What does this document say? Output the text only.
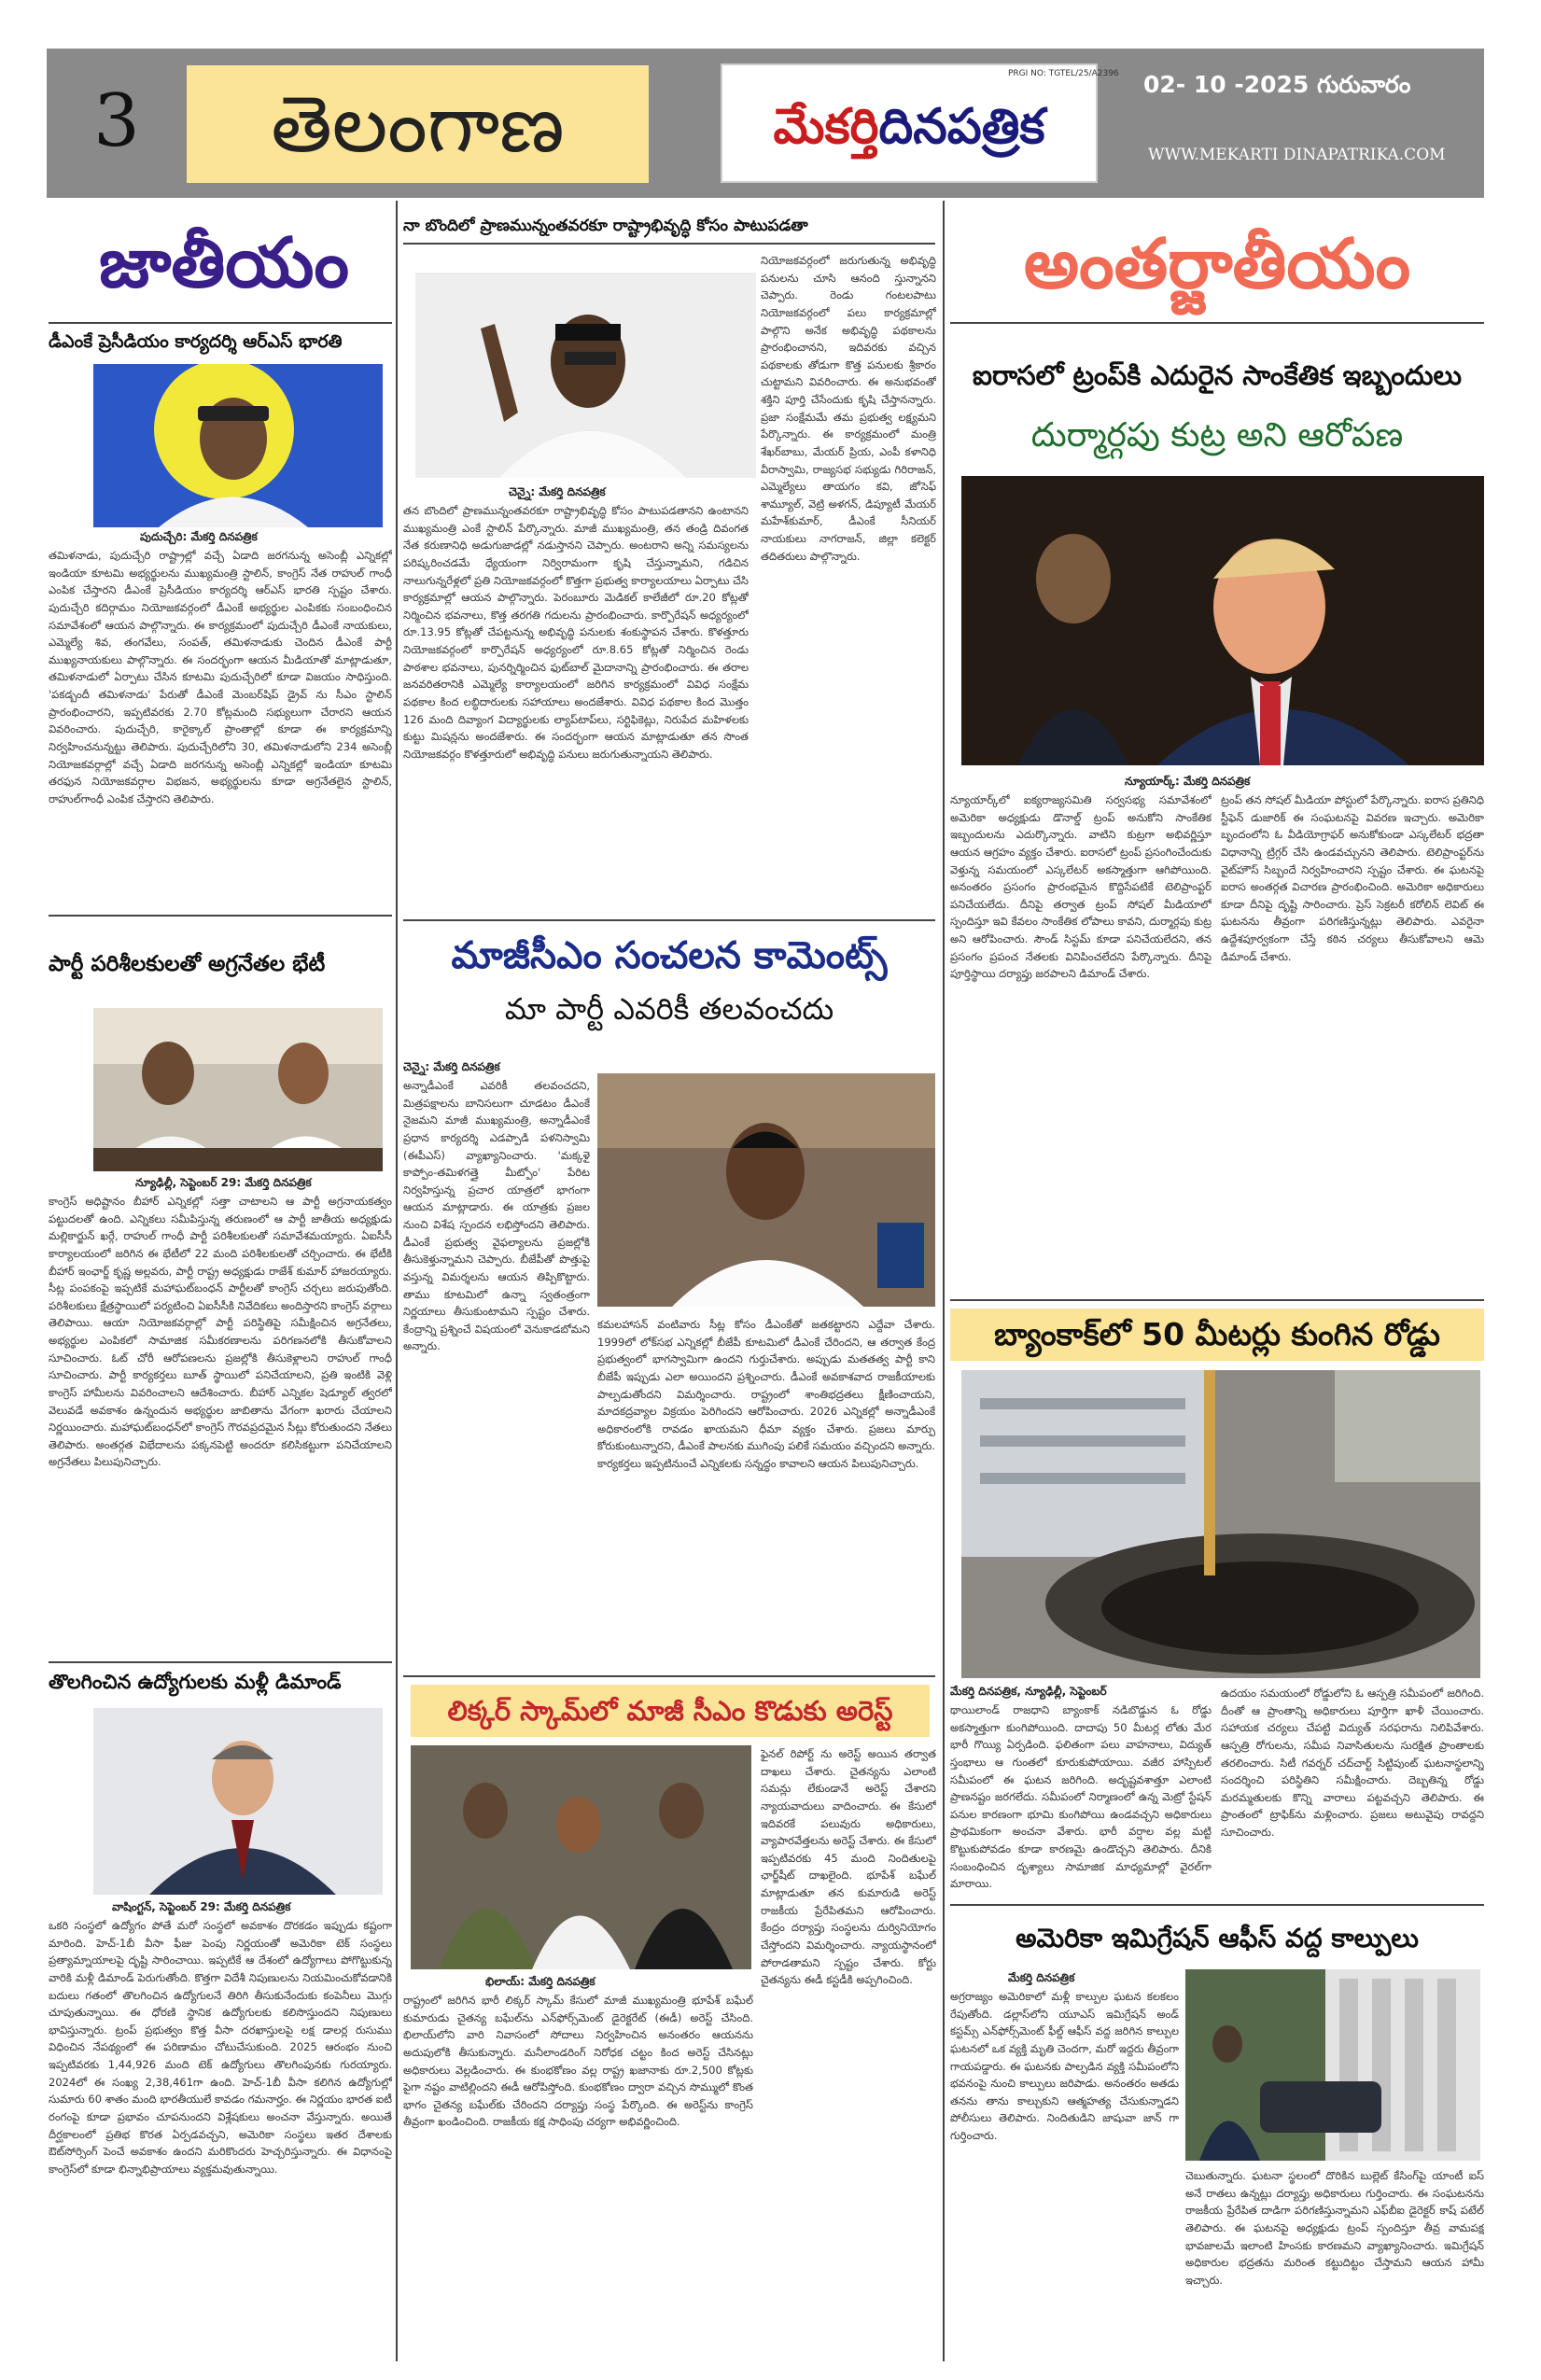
3	తెలంగాణ
PRGI NO: TGTEL/25/A2396
మేకర్తిదినపత్రిక
02- 10 -2025 గురువారం
WWW.MEKARTI DINAPATRIKA.COM
జాతీయం
డీఎంకే ప్రెసీడియం కార్యదర్శి ఆర్ఎస్ భారతి
పుదుచ్చేరి: మేకర్తి దినపత్రిక
తమిళనాడు, పుదుచ్చేరి రాష్ట్రాల్లో వచ్చే ఏడాది జరగనున్న అసెంబ్లీ ఎన్నికల్లో ఇండియా కూటమి అభ్యర్థులను ముఖ్యమంత్రి స్టాలిన్, కాంగ్రెస్ నేత రాహుల్ గాంధీ ఎంపిక చేస్తారని డీఎంకే ప్రెసీడియం కార్యదర్శి ఆర్ఎస్ భారతి స్పష్టం చేశారు. పుదుచ్చేరి కదిర్గామం నియోజకవర్గంలో డీఎంకే అభ్యర్థుల ఎంపికకు సంబంధించిన సమావేశంలో ఆయన పాల్గొన్నారు. ఈ కార్యక్రమంలో పుదుచ్చేరి డీఎంకే నాయకులు, ఎమ్మెల్యే శివ, తంగవేలు, సంపత్, తమిళనాడుకు చెందిన డీఎంకే పార్టీ ముఖ్యనాయకులు పాల్గొన్నారు. ఈ సందర్భంగా ఆయన మీడియాతో మాట్లాడుతూ, తమిళనాడులో ఏర్పాటు చేసిన కూటమి పుదుచ్చేరిలో కూడా విజయం సాధిస్తుంది. 'పకడ్బందీ తమిళనాడు' పేరుతో డీఎంకే మెంబర్‌షిప్ డ్రైవ్ ను సీఎం స్టాలిన్ ప్రారంభించారని, ఇప్పటివరకు 2.70 కోట్లమంది సభ్యులుగా చేరారని ఆయన వివరించారు. పుదుచ్చేరి, కారైక్కాల్ ప్రాంతాల్లో కూడా ఈ కార్యక్రమాన్ని నిర్వహించనున్నట్టు తెలిపారు. పుదుచ్చేరిలోని 30, తమిళనాడులోని 234 అసెంబ్లీ నియోజకవర్గాల్లో వచ్చే ఏడాది జరగనున్న అసెంబ్లీ ఎన్నికల్లో ఇండియా కూటమి తరఫున నియోజకవర్గాల విభజన, అభ్యర్థులను కూడా అగ్రనేతలైన స్టాలిన్, రాహుల్‌గాంధీ ఎంపిక చేస్తారని తెలిపారు.
పార్టీ పరిశీలకులతో అగ్రనేతల భేటీ
న్యూఢిల్లీ, సెప్టెంబర్ 29: మేకర్తి దినపత్రిక
కాంగ్రెస్ అధిష్టానం బీహార్ ఎన్నికల్లో సత్తా చాటాలని ఆ పార్టీ అగ్రనాయకత్వం పట్టుదలతో ఉంది. ఎన్నికలు సమీపిస్తున్న తరుణంలో ఆ పార్టీ జాతీయ అధ్యక్షుడు మల్లికార్జున్ ఖర్గే, రాహుల్ గాంధీ పార్టీ పరిశీలకులతో సమావేశమయ్యారు. ఏఐసీసీ కార్యాలయంలో జరిగిన ఈ భేటీలో 22 మంది పరిశీలకులతో చర్చించారు. ఈ భేటీకి బీహార్ ఇంఛార్జ్ కృష్ణ అల్లవరు, పార్టీ రాష్ట్ర అధ్యక్షుడు రాజేశ్ కుమార్ హాజరయ్యారు. సీట్ల పంపకంపై ఇప్పటికే మహాఘట్‌బంధన్ పార్టీలతో కాంగ్రెస్ చర్చలు జరుపుతోంది. పరిశీలకులు క్షేత్రస్థాయిలో పర్యటించి ఏఐసీసీకి నివేదికలు అందిస్తారని కాంగ్రెస్ వర్గాలు తెలిపాయి. ఆయా నియోజకవర్గాల్లో పార్టీ పరిస్థితిపై సమీక్షించిన అగ్రనేతలు, అభ్యర్థుల ఎంపికలో సామాజిక సమీకరణాలను పరిగణనలోకి తీసుకోవాలని సూచించారు. ఓట్ చోరీ ఆరోపణలను ప్రజల్లోకి తీసుకెళ్లాలని రాహుల్ గాంధీ సూచించారు. పార్టీ కార్యకర్తలు బూత్ స్థాయిలో పనిచేయాలని, ప్రతి ఇంటికి వెళ్లి కాంగ్రెస్ హామీలను వివరించాలని ఆదేశించారు. బీహార్ ఎన్నికల షెడ్యూల్ త్వరలో వెలువడే అవకాశం ఉన్నందున అభ్యర్థుల జాబితాను వేగంగా ఖరారు చేయాలని నిర్ణయించారు. మహాఘట్‌బంధన్‌లో కాంగ్రెస్ గౌరవప్రదమైన సీట్లు కోరుతుందని నేతలు తెలిపారు. అంతర్గత విభేదాలను పక్కనపెట్టి అందరూ కలిసికట్టుగా పనిచేయాలని అగ్రనేతలు పిలుపునిచ్చారు.
తొలగించిన ఉద్యోగులకు మళ్లీ డిమాండ్
వాషింగ్టన్, సెప్టెంబర్ 29: మేకర్తి దినపత్రిక
ఒకరి సంస్థలో ఉద్యోగం పోతే మరో సంస్థలో అవకాశం దొరకడం ఇప్పుడు కష్టంగా మారింది. హెచ్-1బీ వీసా ఫీజు పెంపు నిర్ణయంతో అమెరికా టెక్ సంస్థలు ప్రత్యామ్నాయాలపై దృష్టి సారించాయి. ఇప్పటికే ఆ దేశంలో ఉద్యోగాలు పోగొట్టుకున్న వారికి మళ్లీ డిమాండ్ పెరుగుతోంది. కొత్తగా విదేశీ నిపుణులను నియమించుకోవడానికి బదులు గతంలో తొలగించిన ఉద్యోగులనే తిరిగి తీసుకునేందుకు కంపెనీలు మొగ్గు చూపుతున్నాయి. ఈ ధోరణి స్థానిక ఉద్యోగులకు కలిసొస్తుందని నిపుణులు భావిస్తున్నారు. ట్రంప్ ప్రభుత్వం కొత్త వీసా దరఖాస్తులపై లక్ష డాలర్ల రుసుము విధించిన నేపథ్యంలో ఈ పరిణామం చోటుచేసుకుంది. 2025 ఆరంభం నుంచి ఇప్పటివరకు 1,44,926 మంది టెక్ ఉద్యోగులు తొలగింపునకు గురయ్యారు. 2024లో ఈ సంఖ్య 2,38,461గా ఉంది. హెచ్-1బీ వీసా కలిగిన ఉద్యోగుల్లో సుమారు 60 శాతం మంది భారతీయులే కావడం గమనార్హం. ఈ నిర్ణయం భారత ఐటీ రంగంపై కూడా ప్రభావం చూపనుందని విశ్లేషకులు అంచనా వేస్తున్నారు. అయితే దీర్ఘకాలంలో ప్రతిభ కొరత ఏర్పడవచ్చని, అమెరికా సంస్థలు ఇతర దేశాలకు ఔట్‌సోర్సింగ్ పెంచే అవకాశం ఉందని మరికొందరు హెచ్చరిస్తున్నారు. ఈ విధానంపై కాంగ్రెస్‌లో కూడా భిన్నాభిప్రాయాలు వ్యక్తమవుతున్నాయి.
నా బొందిలో ప్రాణమున్నంతవరకూ రాష్ట్రాభివృద్ధి కోసం పాటుపడతా
చెన్నై: మేకర్తి దినపత్రిక
తన బొందిలో ప్రాణమున్నంతవరకూ రాష్ట్రాభివృద్ధి కోసం పాటుపడతానని ఉంటానని ముఖ్యమంత్రి ఎంకే స్టాలిన్ పేర్కొన్నారు. మాజీ ముఖ్యమంత్రి, తన తండ్రి దివంగత నేత కరుణానిధి అడుగుజాడల్లో నడుస్తానని చెప్పారు. అంటరాని అన్ని సమస్యలను పరిష్కరించడమే ధ్యేయంగా నిర్విరామంగా కృషి చేస్తున్నామని, గడిచిన నాలుగున్నరేళ్లలో ప్రతి నియోజకవర్గంలో కొత్తగా ప్రభుత్వ కార్యాలయాలు ఏర్పాటు చేసి కార్యక్రమాల్లో ఆయన పాల్గొన్నారు. పెరంబూరు మెడికల్ కాలేజీలో రూ.20 కోట్లతో నిర్మించిన భవనాలు, కొత్త తరగతి గదులను ప్రారంభించారు. కార్పొరేషన్ అధ్యర్యంలో రూ.13.95 కోట్లతో చేపట్టనున్న అభివృద్ధి పనులకు శంకుస్థాపన చేశారు. కొళత్తూరు నియోజకవర్గంలో కార్పొరేషన్ అధ్యర్యంలో రూ.8.65 కోట్లతో నిర్మించిన రెండు పాఠశాల భవనాలు, పునర్నిర్మించిన ఫుట్‌బాల్ మైదానాన్ని ప్రారంభించారు. ఈ తరాల జనవరితరానికి ఎమ్మెల్యే కార్యాలయంలో జరిగిన కార్యక్రమంలో వివిధ సంక్షేమ పథకాల కింద లబ్ధిదారులకు సహాయాలు అందజేశారు. వివిధ పథకాల కింద మొత్తం 126 మంది దివ్యాంగ విద్యార్థులకు ల్యాప్‌టాప్‌లు, సర్టిఫికెట్లు, నిరుపేద మహిళలకు కుట్టు మిషన్లను అందజేశారు. ఈ సందర్భంగా ఆయన మాట్లాడుతూ తన సొంత నియోజకవర్గం కొళత్తూరులో అభివృద్ధి పనులు జరుగుతున్నాయని తెలిపారు.
నియోజకవర్గంలో జరుగుతున్న అభివృద్ధి పనులను చూసి ఆనంది స్తున్నానని చెప్పారు. రెండు గంటలపాటు నియోజకవర్గంలో పలు కార్యక్రమాల్లో పాల్గొని అనేక అభివృద్ధి పథకాలను ప్రారంభించానని, ఇదివరకు వచ్చిన పథకాలకు తోడుగా కొత్త పనులకు శ్రీకారం చుట్టామని వివరించారు. ఈ అనుభవంతో శక్తిని పూర్తి చేసేందుకు కృషి చేస్తానన్నారు. ప్రజా సంక్షేమమే తమ ప్రభుత్వ లక్ష్యమని పేర్కొన్నారు. ఈ కార్యక్రమంలో మంత్రి శేఖర్‌బాబు, మేయర్ ప్రియ, ఎంపీ కళానిధి వీరాస్వామి, రాజ్యసభ సభ్యుడు గిరిరాజన్, ఎమ్మెల్యేలు తాయగం కవి, జోసెఫ్ శామ్యూల్, వెట్రి అళగన్, డిప్యూటీ మేయర్ మహేశ్‌కుమార్, డీఎంకే సీనియర్ నాయకులు నాగరాజన్, జిల్లా కలెక్టర్ తదితరులు పాల్గొన్నారు.
మాజీసీఎం సంచలన కామెంట్స్
మా పార్టీ ఎవరికీ తలవంచదు
చెన్నై: మేకర్తి దినపత్రిక
అన్నాడీఎంకే ఎవరికీ తలవంచదని, మిత్రపక్షాలను బానిసలుగా చూడటం డీఎంకే నైజమని మాజీ ముఖ్యమంత్రి, అన్నాడీఎంకే ప్రధాన కార్యదర్శి ఎడప్పాడి పళనిస్వామి (ఈపీఎస్) వ్యాఖ్యానించారు. 'మక్కళై కాప్పోం-తమిళగత్తై మీట్పోం' పేరిట నిర్వహిస్తున్న ప్రచార యాత్రలో భాగంగా ఆయన మాట్లాడారు. ఈ యాత్రకు ప్రజల నుంచి విశేష స్పందన లభిస్తోందని తెలిపారు. డీఎంకే ప్రభుత్వ వైఫల్యాలను ప్రజల్లోకి తీసుకెళ్తున్నామని చెప్పారు. బీజేపీతో పొత్తుపై వస్తున్న విమర్శలను ఆయన తిప్పికొట్టారు. తాము కూటమిలో ఉన్నా స్వతంత్రంగా నిర్ణయాలు తీసుకుంటామని స్పష్టం చేశారు. కేంద్రాన్ని ప్రశ్నించే విషయంలో వెనుకాడబోమని అన్నారు.
కమలహాసన్ వంటివారు సీట్ల కోసం డీఎంకేతో జతకట్టారని ఎద్దేవా చేశారు. 1999లో లోక్‌సభ ఎన్నికల్లో బీజేపీ కూటమిలో డీఎంకే చేరిందని, ఆ తర్వాత కేంద్ర ప్రభుత్వంలో భాగస్వామిగా ఉందని గుర్తుచేశారు. అప్పుడు మతతత్వ పార్టీ కాని బీజేపీ ఇప్పుడు ఎలా అయిందని ప్రశ్నించారు. డీఎంకే అవకాశవాద రాజకీయాలకు పాల్పడుతోందని విమర్శించారు. రాష్ట్రంలో శాంతిభద్రతలు క్షీణించాయని, మాదకద్రవ్యాల విక్రయం పెరిగిందని ఆరోపించారు. 2026 ఎన్నికల్లో అన్నాడీఎంకే అధికారంలోకి రావడం ఖాయమని ధీమా వ్యక్తం చేశారు. ప్రజలు మార్పు కోరుకుంటున్నారని, డీఎంకే పాలనకు ముగింపు పలికే సమయం వచ్చిందని అన్నారు. కార్యకర్తలు ఇప్పటినుంచే ఎన్నికలకు సన్నద్ధం కావాలని ఆయన పిలుపునిచ్చారు.
లిక్కర్ స్కామ్‌లో మాజీ సీఎం కొడుకు అరెస్ట్
భిలాయ్: మేకర్తి దినపత్రిక
రాష్ట్రంలో జరిగిన భారీ లిక్కర్ స్కామ్ కేసులో మాజీ ముఖ్యమంత్రి భూపేశ్ బఘేల్ కుమారుడు చైతన్య బఘేల్‌ను ఎన్‌ఫోర్స్‌మెంట్ డైరెక్టరేట్ (ఈడీ) అరెస్ట్ చేసింది. భిలాయ్‌లోని వారి నివాసంలో సోదాలు నిర్వహించిన అనంతరం ఆయనను అదుపులోకి తీసుకున్నారు. మనీలాండరింగ్ నిరోధక చట్టం కింద అరెస్ట్ చేసినట్లు అధికారులు వెల్లడించారు. ఈ కుంభకోణం వల్ల రాష్ట్ర ఖజానాకు రూ.2,500 కోట్లకు పైగా నష్టం వాటిల్లిందని ఈడీ ఆరోపిస్తోంది. కుంభకోణం ద్వారా వచ్చిన సొమ్ములో కొంత భాగం చైతన్య బఘేల్‌కు చేరిందని దర్యాప్తు సంస్థ పేర్కొంది. ఈ అరెస్ట్‌ను కాంగ్రెస్ తీవ్రంగా ఖండించింది. రాజకీయ కక్ష సాధింపు చర్యగా అభివర్ణించింది.
ఫైనల్ రిపోర్ట్ ను అరెస్ట్ అయిన తర్వాత దాఖలు చేశారు. చైతన్యను ఎలాంటి సమన్లు లేకుండానే అరెస్ట్ చేశారని న్యాయవాదులు వాదించారు. ఈ కేసులో ఇదివరకే పలువురు అధికారులు, వ్యాపారవేత్తలను అరెస్ట్ చేశారు. ఈ కేసులో ఇప్పటివరకు 45 మంది నిందితులపై ఛార్జ్‌షీట్ దాఖలైంది. భూపేశ్ బఘేల్ మాట్లాడుతూ తన కుమారుడి అరెస్ట్ రాజకీయ ప్రేరేపితమని ఆరోపించారు. కేంద్రం దర్యాప్తు సంస్థలను దుర్వినియోగం చేస్తోందని విమర్శించారు. న్యాయస్థానంలో పోరాడతామని స్పష్టం చేశారు. కోర్టు చైతన్యను ఈడీ కస్టడీకి అప్పగించింది.
అంతర్జాతీయం
ఐరాసలో ట్రంప్‌కి ఎదురైన సాంకేతిక ఇబ్బందులు
దుర్మార్గపు కుట్ర అని ఆరోపణ
న్యూయార్క్: మేకర్తి దినపత్రిక
న్యూయార్క్‌లో ఐక్యరాజ్యసమితి సర్వసభ్య సమావేశంలో అమెరికా అధ్యక్షుడు డొనాల్డ్ ట్రంప్ అనుకోని సాంకేతిక ఇబ్బందులను ఎదుర్కొన్నారు. వాటిని కుట్రగా అభివర్ణిస్తూ ఆయన ఆగ్రహం వ్యక్తం చేశారు. ఐరాసలో ట్రంప్ ప్రసంగించేందుకు వెళ్తున్న సమయంలో ఎస్కలేటర్ అకస్మాత్తుగా ఆగిపోయింది. అనంతరం ప్రసంగం ప్రారంభమైన కొద్దిసేపటికే టెలిప్రాంప్టర్ పనిచేయలేదు. దీనిపై తర్వాత ట్రంప్ సోషల్ మీడియాలో స్పందిస్తూ ఇవి కేవలం సాంకేతిక లోపాలు కావని, దుర్మార్గపు కుట్ర అని ఆరోపించారు. సౌండ్ సిస్టమ్ కూడా పనిచేయలేదని, తన ప్రసంగం ప్రపంచ నేతలకు వినిపించలేదని పేర్కొన్నారు. దీనిపై పూర్తిస్థాయి దర్యాప్తు జరపాలని డిమాండ్ చేశారు.
ట్రంప్ తన సోషల్ మీడియా పోస్టులో పేర్కొన్నారు. ఐరాస ప్రతినిధి స్టీఫెన్ డుజారిక్ ఈ సంఘటనపై వివరణ ఇచ్చారు. అమెరికా బృందంలోని ఓ వీడియోగ్రాఫర్ అనుకోకుండా ఎస్కలేటర్ భద్రతా విధానాన్ని ట్రిగ్గర్ చేసి ఉండవచ్చునని తెలిపారు. టెలిప్రాంప్టర్‌ను వైట్‌హౌస్ సిబ్బందే నిర్వహించారని స్పష్టం చేశారు. ఈ ఘటనపై ఐరాస అంతర్గత విచారణ ప్రారంభించింది. అమెరికా అధికారులు కూడా దీనిపై దృష్టి సారించారు. ప్రెస్ సెక్రటరీ కరోలిన్ లెవిట్ ఈ ఘటనను తీవ్రంగా పరిగణిస్తున్నట్లు తెలిపారు. ఎవరైనా ఉద్దేశపూర్వకంగా చేస్తే కఠిన చర్యలు తీసుకోవాలని ఆమె డిమాండ్ చేశారు.
బ్యాంకాక్‌లో 50 మీటర్లు కుంగిన రోడ్డు
మేకర్తి దినపత్రిక, న్యూఢిల్లీ, సెప్టెంబర్
థాయిలాండ్ రాజధాని బ్యాంకాక్ నడిబొడ్డున ఓ రోడ్డు అకస్మాత్తుగా కుంగిపోయింది. దాదాపు 50 మీటర్ల లోతు మేర భారీ గొయ్యి ఏర్పడింది. ఫలితంగా పలు వాహనాలు, విద్యుత్ స్తంభాలు ఆ గుంతలో కూరుకుపోయాయి. వజీర హాస్పిటల్ సమీపంలో ఈ ఘటన జరిగింది. అదృష్టవశాత్తూ ఎలాంటి ప్రాణనష్టం జరగలేదు. సమీపంలో నిర్మాణంలో ఉన్న మెట్రో స్టేషన్ పనుల కారణంగా భూమి కుంగిపోయి ఉండవచ్చని అధికారులు ప్రాథమికంగా అంచనా వేశారు. భారీ వర్షాల వల్ల మట్టి కొట్టుకుపోవడం కూడా కారణమై ఉండొచ్చని తెలిపారు. దీనికి సంబంధించిన దృశ్యాలు సామాజిక మాధ్యమాల్లో వైరల్‌గా మారాయి.
ఉదయం సమయంలో రోడ్డులోని ఓ ఆస్పత్రి సమీపంలో జరిగింది. దీంతో ఆ ప్రాంతాన్ని అధికారులు పూర్తిగా ఖాళీ చేయించారు. సహాయక చర్యలు చేపట్టి విద్యుత్ సరఫరాను నిలిపివేశారు. ఆస్పత్రి రోగులను, సమీప నివాసితులను సురక్షిత ప్రాంతాలకు తరలించారు. సిటీ గవర్నర్ చద్‌చార్ట్ సిట్టిపుంట్ ఘటనాస్థలాన్ని సందర్శించి పరిస్థితిని సమీక్షించారు. దెబ్బతిన్న రోడ్డు మరమ్మతులకు కొన్ని వారాలు పట్టవచ్చని తెలిపారు. ఈ ప్రాంతంలో ట్రాఫిక్‌ను మళ్లించారు. ప్రజలు అటువైపు రావద్దని సూచించారు.
అమెరికా ఇమిగ్రేషన్ ఆఫీస్ వద్ద కాల్పులు
మేకర్తి దినపత్రిక
అగ్రరాజ్యం అమెరికాలో మళ్లీ కాల్పుల ఘటన కలకలం రేపుతోంది. డల్లాస్‌లోని యూఎస్ ఇమిగ్రేషన్ అండ్ కస్టమ్స్ ఎన్‌ఫోర్స్‌మెంట్ ఫీల్డ్ ఆఫీస్ వద్ద జరిగిన కాల్పుల ఘటనలో ఒక వ్యక్తి మృతి చెందగా, మరో ఇద్దరు తీవ్రంగా గాయపడ్డారు. ఈ ఘటనకు పాల్పడిన వ్యక్తి సమీపంలోని భవనంపై నుంచి కాల్పులు జరిపాడు. అనంతరం అతడు తనను తాను కాల్చుకుని ఆత్మహత్య చేసుకున్నాడని పోలీసులు తెలిపారు. నిందితుడిని జాషువా జాన్ గా గుర్తించారు.
చెబుతున్నారు. ఘటనా స్థలంలో దొరికిన బుల్లెట్ కేసింగ్‌పై యాంటీ ఐస్ అనే రాతలు ఉన్నట్లు దర్యాప్తు అధికారులు గుర్తించారు. ఈ సంఘటనను రాజకీయ ప్రేరేపిత దాడిగా పరిగణిస్తున్నామని ఎఫ్‌బీఐ డైరెక్టర్ కాష్ పటేల్ తెలిపారు. ఈ ఘటనపై అధ్యక్షుడు ట్రంప్ స్పందిస్తూ తీవ్ర వామపక్ష భావజాలమే ఇలాంటి హింసకు కారణమని వ్యాఖ్యానించారు. ఇమిగ్రేషన్ అధికారుల భద్రతను మరింత కట్టుదిట్టం చేస్తామని ఆయన హామీ ఇచ్చారు.
